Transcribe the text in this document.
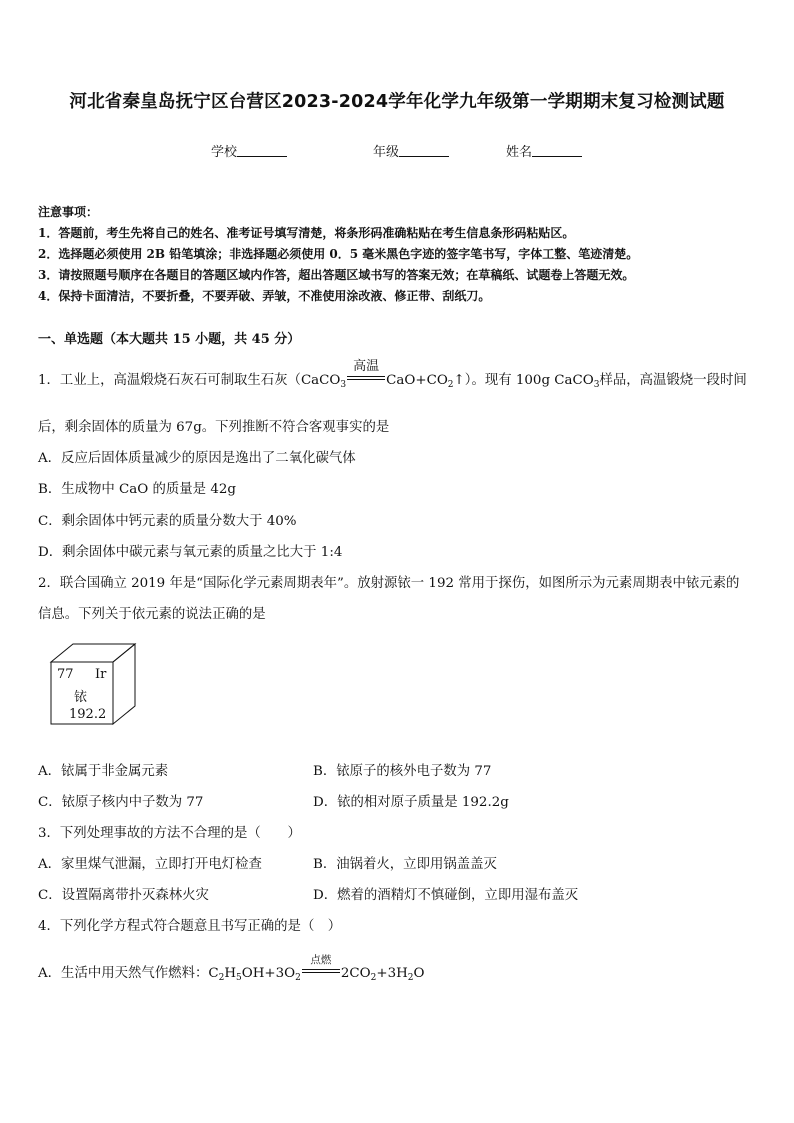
河北省秦皇岛抚宁区台营区2023-2024学年化学九年级第一学期期末复习检测试题
学校	年级	姓名
注意事项：
1．答题前，考生先将自己的姓名、准考证号填写清楚，将条形码准确粘贴在考生信息条形码粘贴区。
2．选择题必须使用 2B 铅笔填涂；非选择题必须使用 0．5 毫米黑色字迹的签字笔书写，字体工整、笔迹清楚。
3．请按照题号顺序在各题目的答题区域内作答，超出答题区域书写的答案无效；在草稿纸、试题卷上答题无效。
4．保持卡面清洁，不要折叠，不要弄破、弄皱，不准使用涂改液、修正带、刮纸刀。
一、单选题（本大题共 15 小题，共 45 分）
1．工业上，高温煅烧石灰石可制取生石灰（CaCO$_3$
高温
$CaO+CO_2↑$）。现有 100g CaCO$_3$样品，高温锻烧一段时间
后，剩余固体的质量为 67g。下列推断不符合客观事实的是
A．反应后固体质量减少的原因是逸出了二氧化碳气体
B．生成物中 CaO 的质量是 42g
C．剩余固体中钙元素的质量分数大于 40%
D．剩余固体中碳元素与氧元素的质量之比大于 1:4
2．联合国确立 2019 年是“国际化学元素周期表年”。放射源铱一 192 常用于探伤，如图所示为元素周期表中铱元素的
信息。下列关于依元素的说法正确的是
77 Ir
铱
192.2
A．铱属于非金属元素	B．铱原子的核外电子数为 77
C．铱原子核内中子数为 77	D．铱的相对原子质量是 192.2g
3．下列处理事故的方法不合理的是（　　）
A．家里煤气泄漏，立即打开电灯检查	B．油锅着火，立即用锅盖盖灭
C．设置隔离带扑灭森林火灾	D．燃着的酒精灯不慎碰倒，立即用湿布盖灭
4．下列化学方程式符合题意且书写正确的是（　）
A．生活中用天然气作燃料：$C_2H_5OH+3O_2$
点燃
$2CO_2+3H_2O$
